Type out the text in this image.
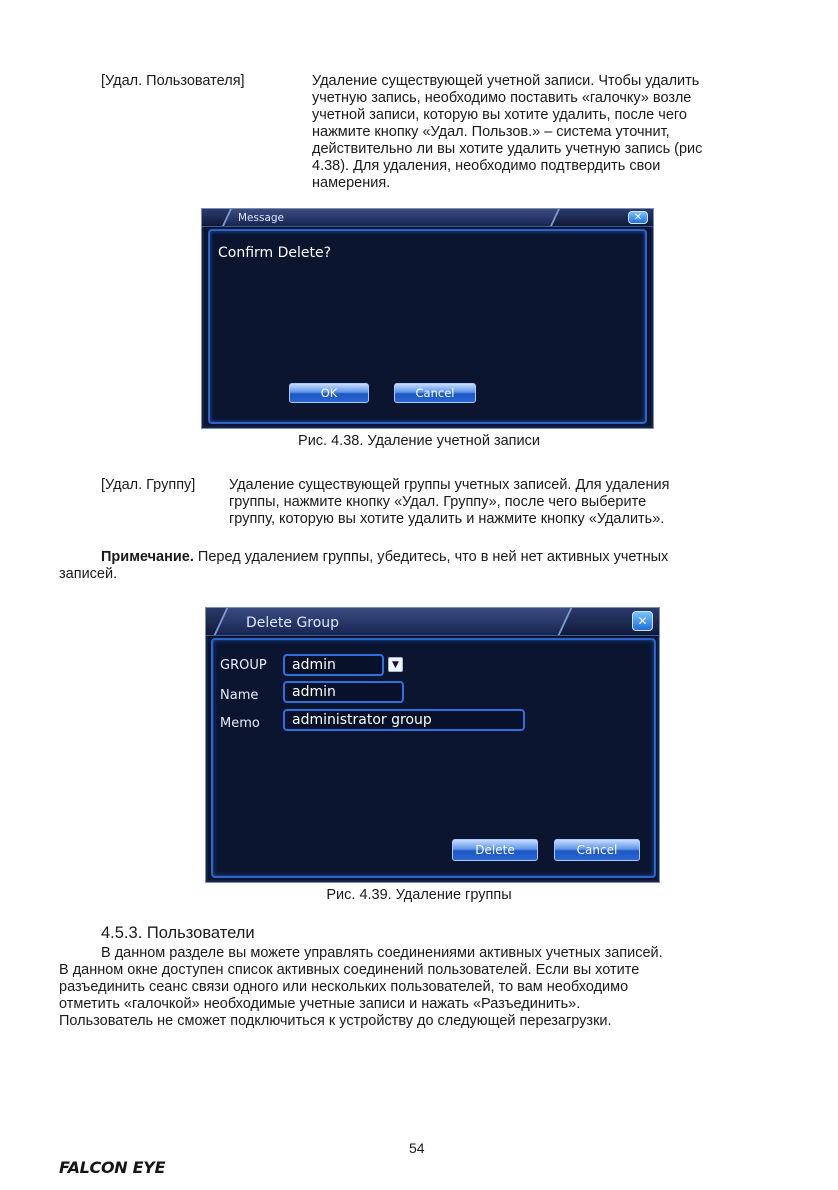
[Удал. Пользователя]	Удаление существующей учетной записи. Чтобы удалить
учетную запись, необходимо поставить «галочку» возле
учетной записи, которую вы хотите удалить, после чего
нажмите кнопку «Удал. Пользов.» – система уточнит,
действительно ли вы хотите удалить учетную запись (рис
4.38). Для удаления, необходимо подтвердить свои
намерения.
Message	✕
Confirm Delete?
OK	Cancel
Рис. 4.38. Удаление учетной записи
[Удал. Группу] Удаление существующей группы учетных записей. Для удаления
группы, нажмите кнопку «Удал. Группу», после чего выберите
группу, которую вы хотите удалить и нажмите кнопку «Удалить».
Примечание. Перед удалением группы, убедитесь, что в ней нет активных учетных
записей.
Delete Group	✕
GROUP	admin	▼
Name	admin
Memo	administrator group
Delete	Cancel
Рис. 4.39. Удаление группы
4.5.3. Пользователи
В данном разделе вы можете управлять соединениями активных учетных записей.
В данном окне доступен список активных соединений пользователей. Если вы хотите
разъединить сеанс связи одного или нескольких пользователей, то вам необходимо
отметить «галочкой» необходимые учетные записи и нажать «Разъединить».
Пользователь не сможет подключиться к устройству до следующей перезагрузки.
54
FALCON EYE
